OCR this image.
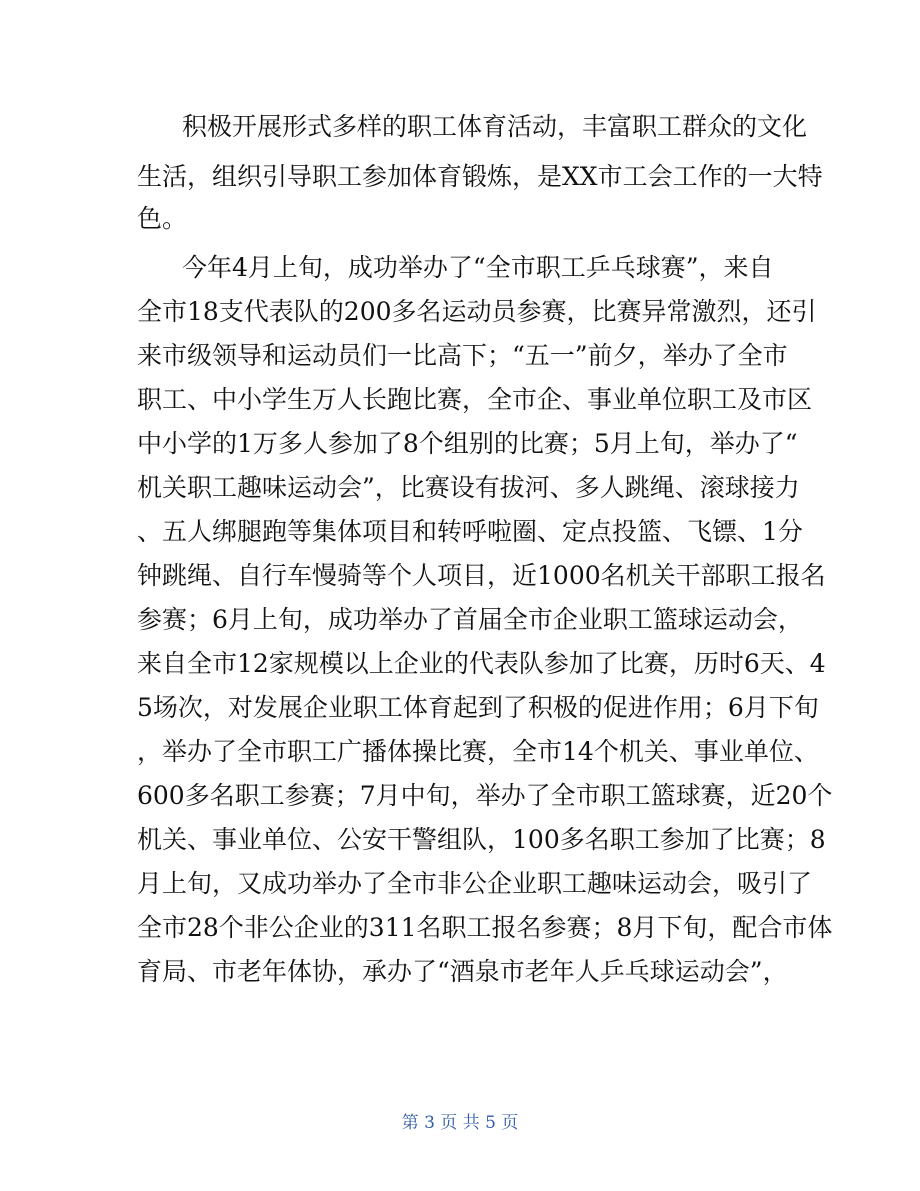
积极开展形式多样的职工体育活动，丰富职工群众的文化
生活，组织引导职工参加体育锻炼，是XX市工会工作的一大特
色。
今年4月上旬，成功举办了“全市职工乒乓球赛”，来自
全市18支代表队的200多名运动员参赛，比赛异常激烈，还引
来市级领导和运动员们一比高下；“五一”前夕，举办了全市
职工、中小学生万人长跑比赛，全市企、事业单位职工及市区
中小学的1万多人参加了8个组别的比赛；5月上旬，举办了“
机关职工趣味运动会”，比赛设有拔河、多人跳绳、滚球接力
、五人绑腿跑等集体项目和转呼啦圈、定点投篮、飞镖、1分
钟跳绳、自行车慢骑等个人项目，近1000名机关干部职工报名
参赛；6月上旬，成功举办了首届全市企业职工篮球运动会，
来自全市12家规模以上企业的代表队参加了比赛，历时6天、4
5场次，对发展企业职工体育起到了积极的促进作用；6月下旬
，举办了全市职工广播体操比赛，全市14个机关、事业单位、
600多名职工参赛；7月中旬，举办了全市职工篮球赛，近20个
机关、事业单位、公安干警组队，100多名职工参加了比赛；8
月上旬，又成功举办了全市非公企业职工趣味运动会，吸引了
全市28个非公企业的311名职工报名参赛；8月下旬，配合市体
育局、市老年体协，承办了“酒泉市老年人乒乓球运动会”，
第 3 页 共 5 页
